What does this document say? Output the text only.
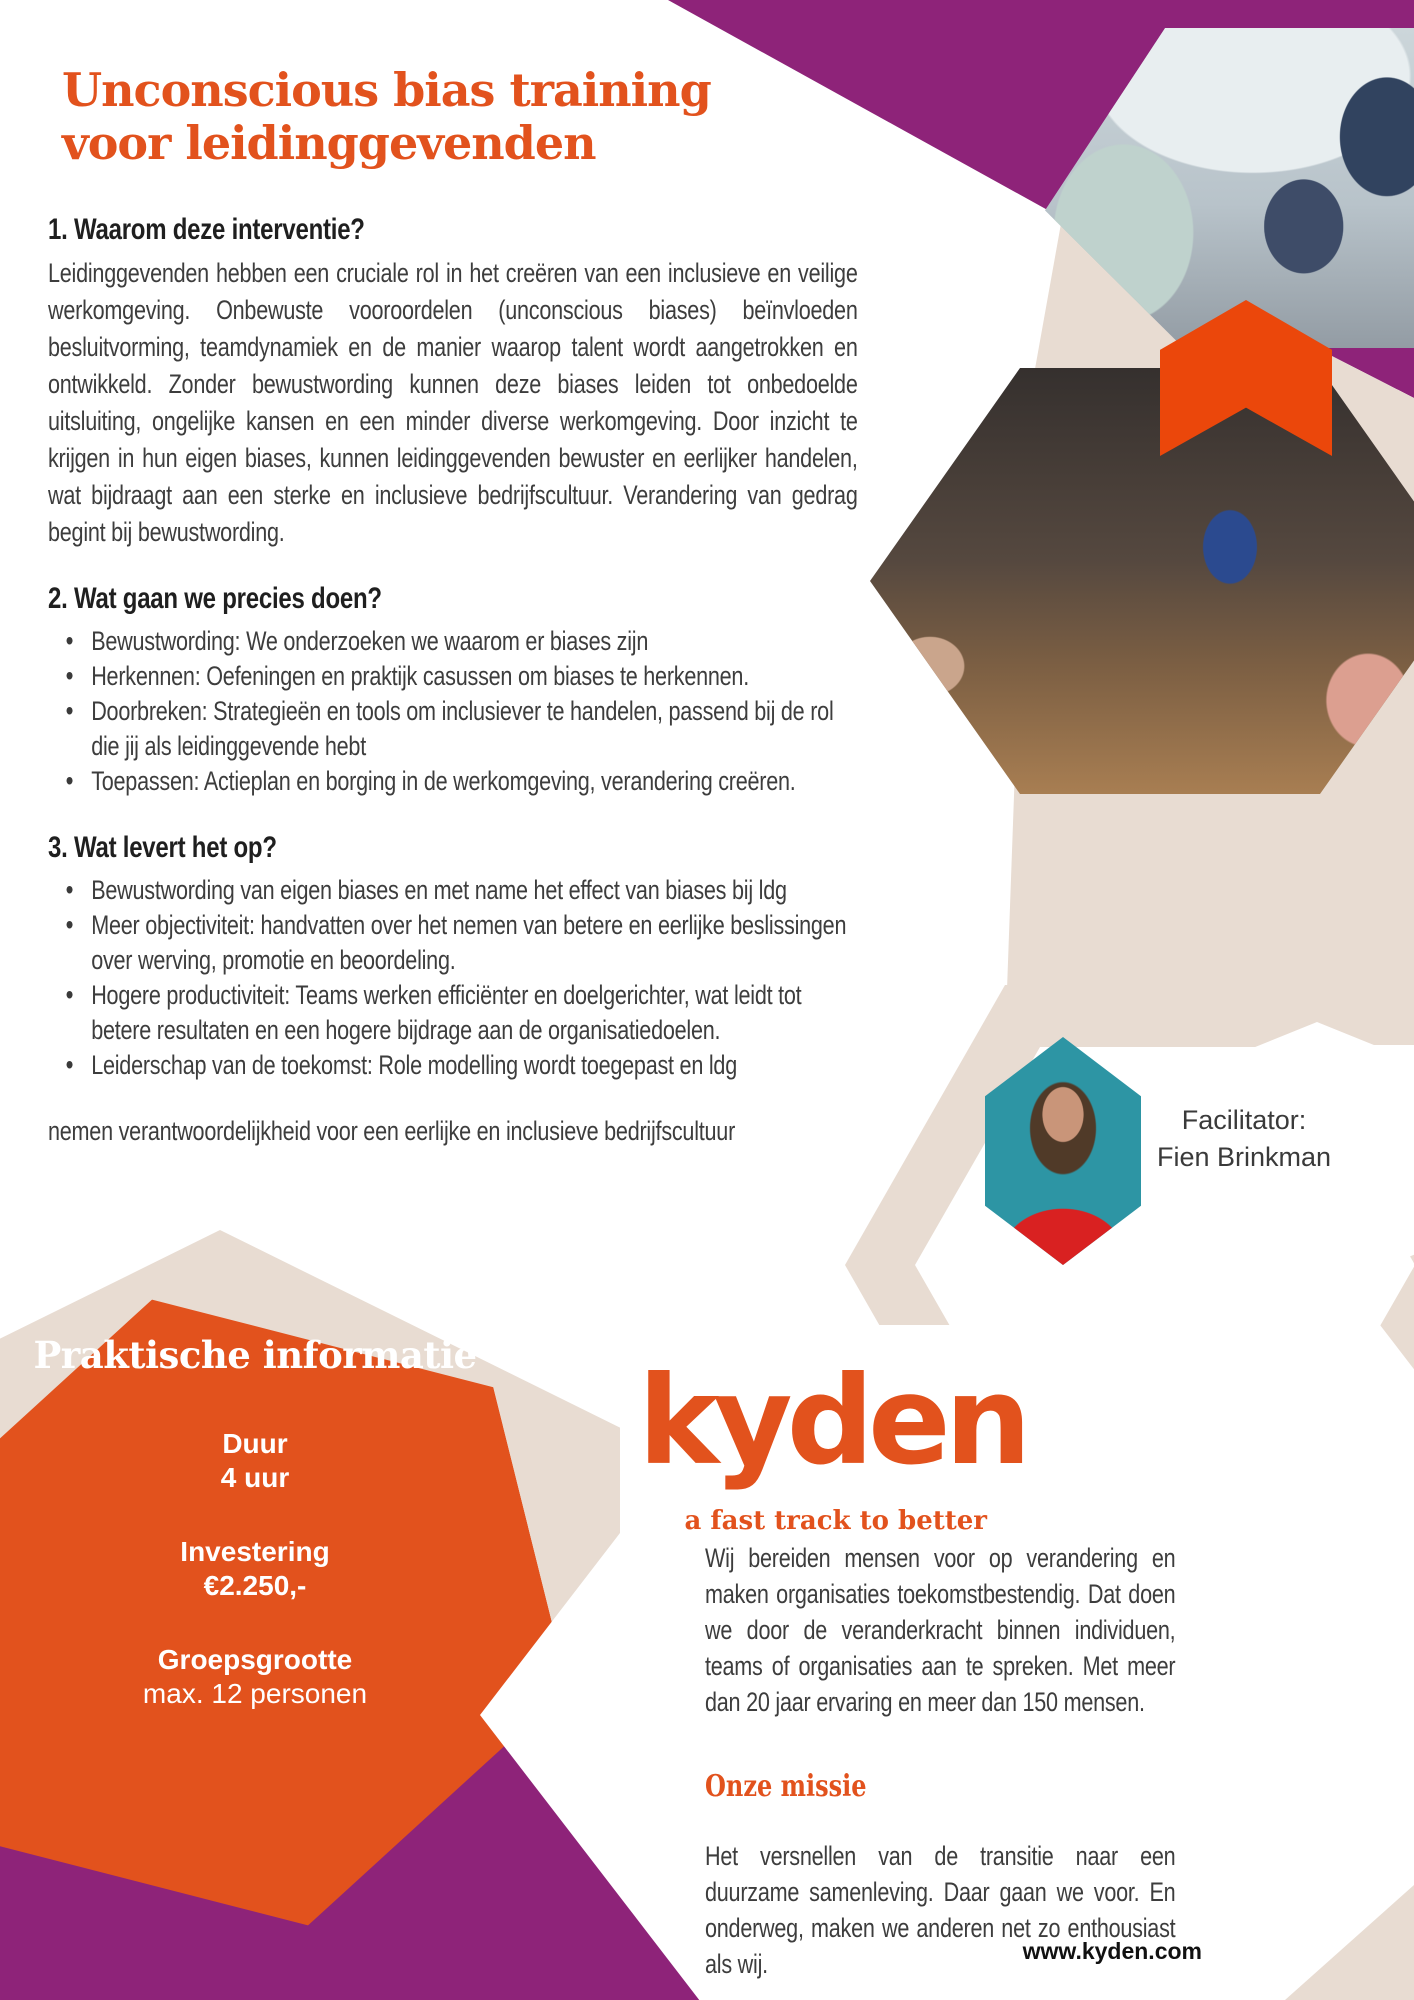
Facilitator:
Fien Brinkman
Unconscious bias training
voor leidinggevenden
1. Waarom deze interventie?

Leidinggevenden hebben een cruciale rol in het creëren van een inclusieve en veilige werkomgeving. Onbewuste vooroordelen (unconscious biases) beïnvloeden besluitvorming, teamdynamiek en de manier waarop talent wordt aangetrokken en ontwikkeld. Zonder bewustwording kunnen deze biases leiden tot onbedoelde uitsluiting, ongelijke kansen en een minder diverse werkomgeving. Door inzicht te krijgen in hun eigen biases, kunnen leidinggevenden bewuster en eerlijker handelen, wat bijdraagt aan een sterke en inclusieve bedrijfscultuur. Verandering van gedrag begint bij bewustwording.

2. Wat gaan we precies doen?
• Bewustwording: We onderzoeken we waarom er biases zijn
• Herkennen: Oefeningen en praktijk casussen om biases te herkennen.
• Doorbreken: Strategieën en tools om inclusiever te handelen, passend bij de rol die jij als leidinggevende hebt
• Toepassen: Actieplan en borging in de werkomgeving, verandering creëren.
3. Wat levert het op?
• Bewustwording van eigen biases en met name het effect van biases bij ldg
• Meer objectiviteit: handvatten over het nemen van betere en eerlijke beslissingen over werving, promotie en beoordeling.
• Hogere productiviteit: Teams werken efficiënter en doelgerichter, wat leidt tot betere resultaten en een hogere bijdrage aan de organisatiedoelen.
• Leiderschap van de toekomst: Role modelling wordt toegepast en ldg

nemen verantwoordelijkheid voor een eerlijke en inclusieve bedrijfscultuur

Praktische informatie
Duur
4 uur
Investering
€2.250,-
Groepsgrootte
max. 12 personen
kyden
a fast track to better

Wij bereiden mensen voor op verandering en maken organisaties toekomstbestendig. Dat doen we door de veranderkracht binnen individuen, teams of organisaties aan te spreken. Met meer dan 20 jaar ervaring en meer dan 150 mensen.

Onze missie

Het versnellen van de transitie naar een duurzame samenleving. Daar gaan we voor. En onderweg, maken we anderen net zo enthousiast als wij.	www.kyden.com
